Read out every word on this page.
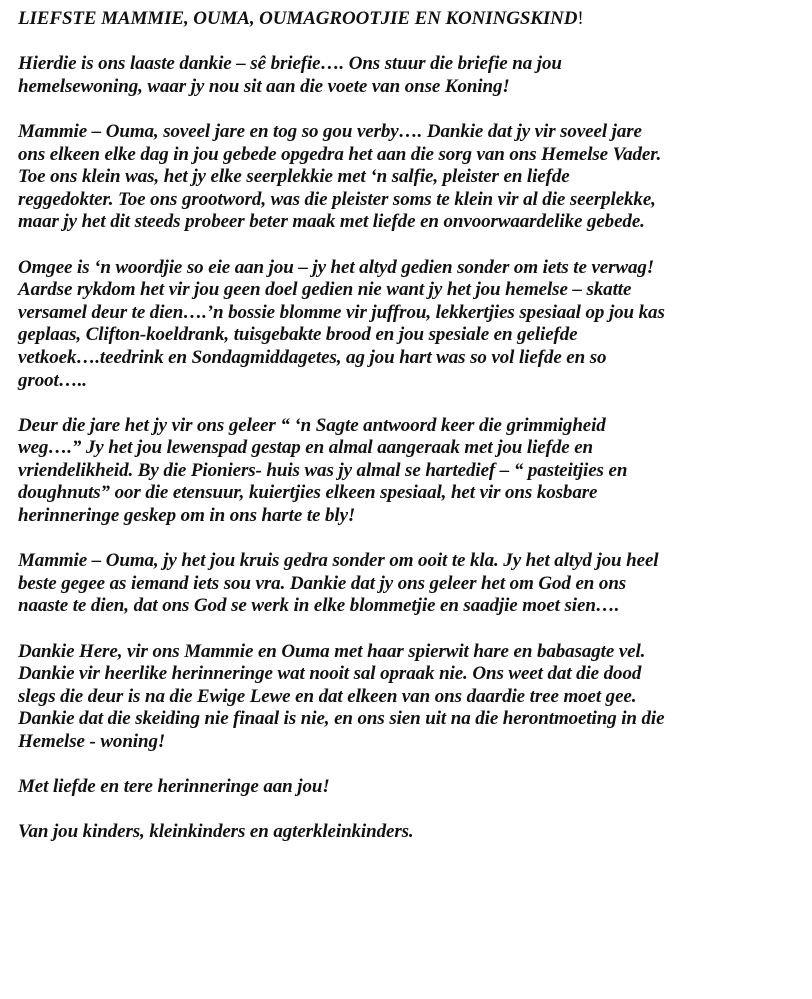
LIEFSTE MAMMIE, OUMA, OUMAGROOTJIE EN KONINGSKIND!

Hierdie is ons laaste dankie – sê briefie…. Ons stuur die briefie na jou
hemelsewoning, waar jy nou sit aan die voete van onse Koning!

Mammie – Ouma, soveel jare en tog so gou verby…. Dankie dat jy vir soveel jare
ons elkeen elke dag in jou gebede opgedra het aan die sorg van ons Hemelse Vader.
Toe ons klein was, het jy elke seerplekkie met ‘n salfie, pleister en liefde
reggedokter. Toe ons grootword, was die pleister soms te klein vir al die seerplekke,
maar jy het dit steeds probeer beter maak met liefde en onvoorwaardelike gebede.

Omgee is ‘n woordjie so eie aan jou – jy het altyd gedien sonder om iets te verwag!
Aardse rykdom het vir jou geen doel gedien nie want jy het jou hemelse – skatte
versamel deur te dien….’n bossie blomme vir juffrou, lekkertjies spesiaal op jou kas
geplaas, Clifton-koeldrank, tuisgebakte brood en jou spesiale en geliefde
vetkoek….teedrink en Sondagmiddagetes, ag jou hart was so vol liefde en so
groot…..

Deur die jare het jy vir ons geleer “ ‘n Sagte antwoord keer die grimmigheid
weg….” Jy het jou lewenspad gestap en almal aangeraak met jou liefde en
vriendelikheid. By die Pioniers- huis was jy almal se hartedief – “ pasteitjies en
doughnuts” oor die etensuur, kuiertjies elkeen spesiaal, het vir ons kosbare
herinneringe geskep om in ons harte te bly!

Mammie – Ouma, jy het jou kruis gedra sonder om ooit te kla. Jy het altyd jou heel
beste gegee as iemand iets sou vra. Dankie dat jy ons geleer het om God en ons
naaste te dien, dat ons God se werk in elke blommetjie en saadjie moet sien….

Dankie Here, vir ons Mammie en Ouma met haar spierwit hare en babasagte vel.
Dankie vir heerlike herinneringe wat nooit sal opraak nie. Ons weet dat die dood
slegs die deur is na die Ewige Lewe en dat elkeen van ons daardie tree moet gee.
Dankie dat die skeiding nie finaal is nie, en ons sien uit na die herontmoeting in die
Hemelse - woning!

Met liefde en tere herinneringe aan jou!

Van jou kinders, kleinkinders en agterkleinkinders.
